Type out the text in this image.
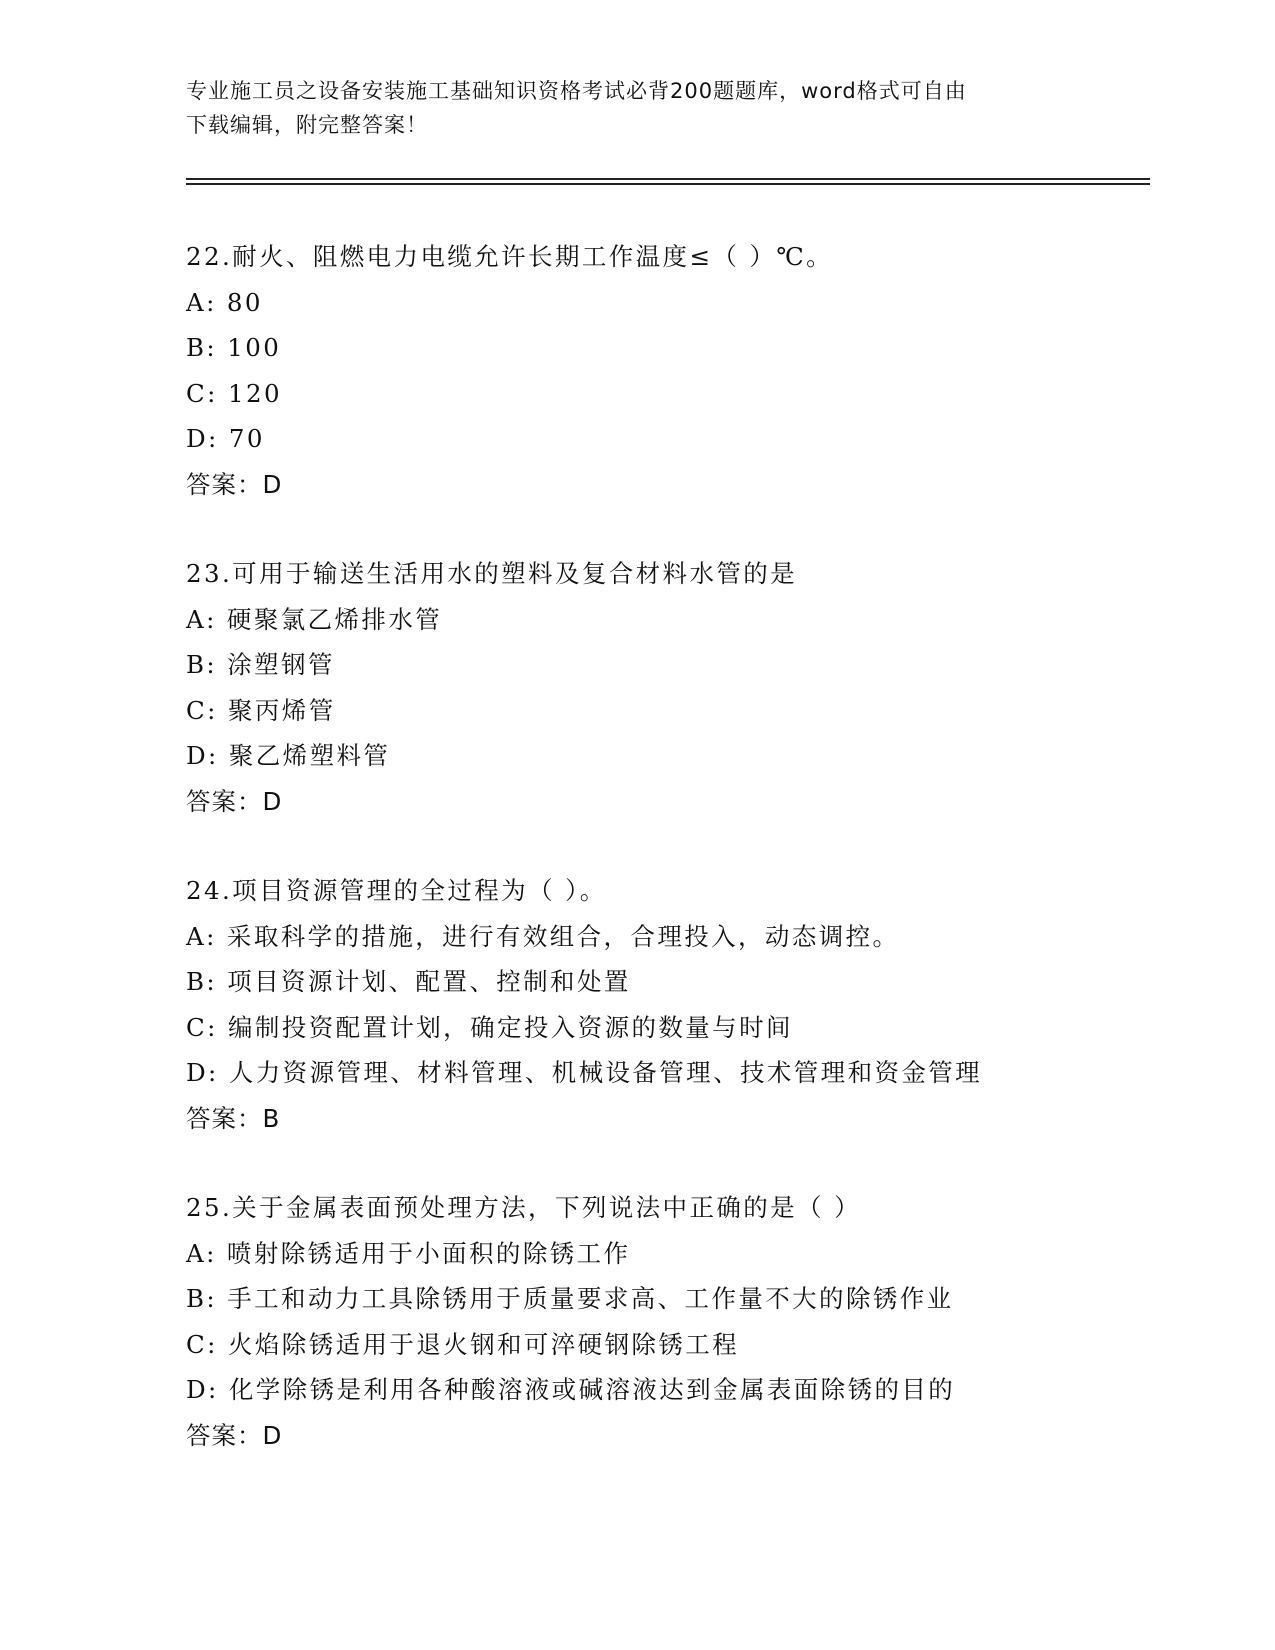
专业施工员之设备安装施工基础知识资格考试必背200题题库，word格式可自由
下载编辑，附完整答案！
22.耐火、阻燃电力电缆允许长期工作温度≤（ ）℃。
A: 80
B: 100
C: 120
D: 70
答案：D
23.可用于输送生活用水的塑料及复合材料水管的是
A: 硬聚氯乙烯排水管
B: 涂塑钢管
C: 聚丙烯管
D: 聚乙烯塑料管
答案：D
24.项目资源管理的全过程为（ ）。
A: 采取科学的措施，进行有效组合，合理投入，动态调控。
B: 项目资源计划、配置、控制和处置
C: 编制投资配置计划，确定投入资源的数量与时间
D: 人力资源管理、材料管理、机械设备管理、技术管理和资金管理
答案：B
25.关于金属表面预处理方法，下列说法中正确的是（ ）
A: 喷射除锈适用于小面积的除锈工作
B: 手工和动力工具除锈用于质量要求高、工作量不大的除锈作业
C: 火焰除锈适用于退火钢和可淬硬钢除锈工程
D: 化学除锈是利用各种酸溶液或碱溶液达到金属表面除锈的目的
答案：D
